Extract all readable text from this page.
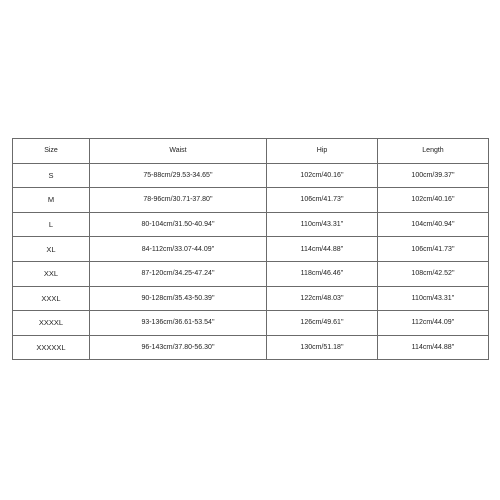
Size	Waist	Hip	Length
S	75-88cm/29.53-34.65''	102cm/40.16''	100cm/39.37''
M	78-96cm/30.71-37.80''	106cm/41.73''	102cm/40.16''
L	80-104cm/31.50-40.94''	110cm/43.31''	104cm/40.94''
XL	84-112cm/33.07-44.09''	114cm/44.88''	106cm/41.73''
XXL	87-120cm/34.25-47.24''	118cm/46.46''	108cm/42.52''
XXXL	90-128cm/35.43-50.39''	122cm/48.03''	110cm/43.31''
XXXXL	93-136cm/36.61-53.54''	126cm/49.61''	112cm/44.09''
XXXXXL	96-143cm/37.80-56.30''	130cm/51.18''	114cm/44.88''
